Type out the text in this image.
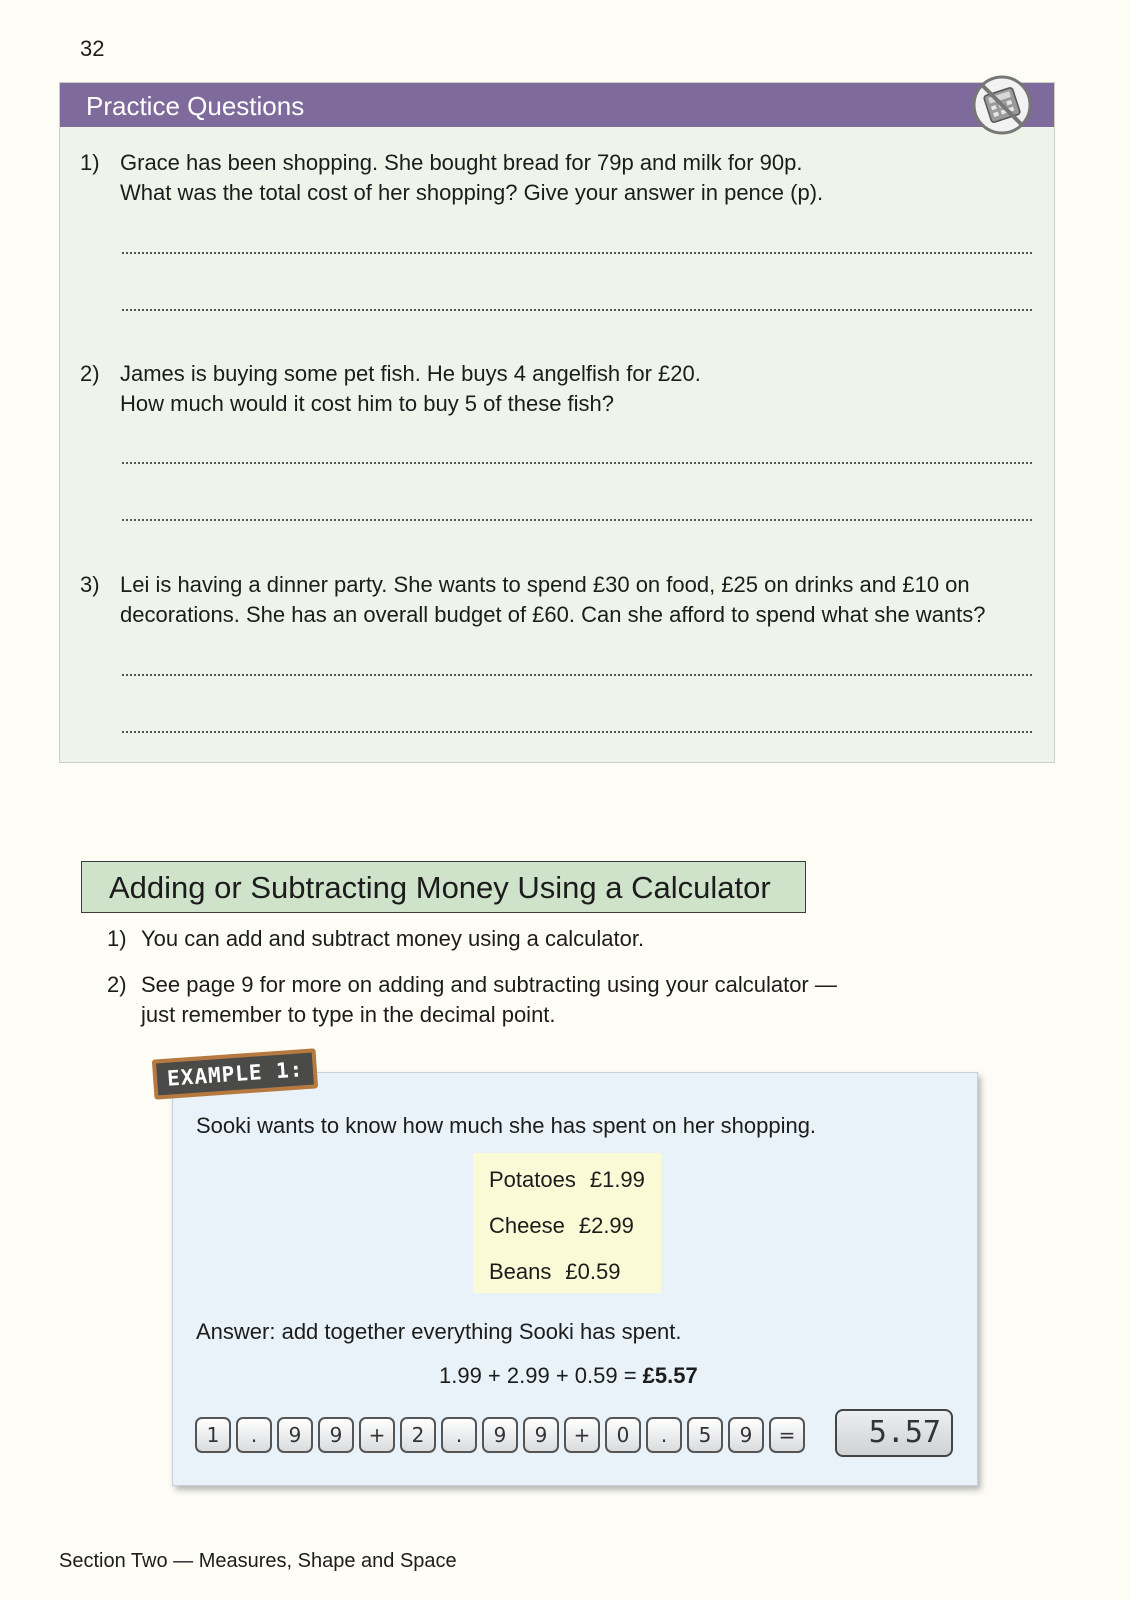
32
Practice Questions
1) Grace has been shopping. She bought bread for 79p and milk for 90p.
What was the total cost of her shopping? Give your answer in pence (p).
2) James is buying some pet fish. He buys 4 angelfish for £20.
How much would it cost him to buy 5 of these fish?
3) Lei is having a dinner party. She wants to spend £30 on food, £25 on drinks and £10 on
decorations. She has an overall budget of £60. Can she afford to spend what she wants?
Adding or Subtracting Money Using a Calculator
1) You can add and subtract money using a calculator.
2) See page 9 for more on adding and subtracting using your calculator —
just remember to type in the decimal point.
Sooki wants to know how much she has spent on her shopping.
Potatoes £1.99
Cheese £2.99
Beans £0.59
Answer: add together everything Sooki has spent.
1.99 + 2.99 + 0.59 = £5.57
1	.	9	9	+	2	.	9	9	+	0	.	5	9	=	5.57
EXAMPLE 1:
Section Two — Measures, Shape and Space
